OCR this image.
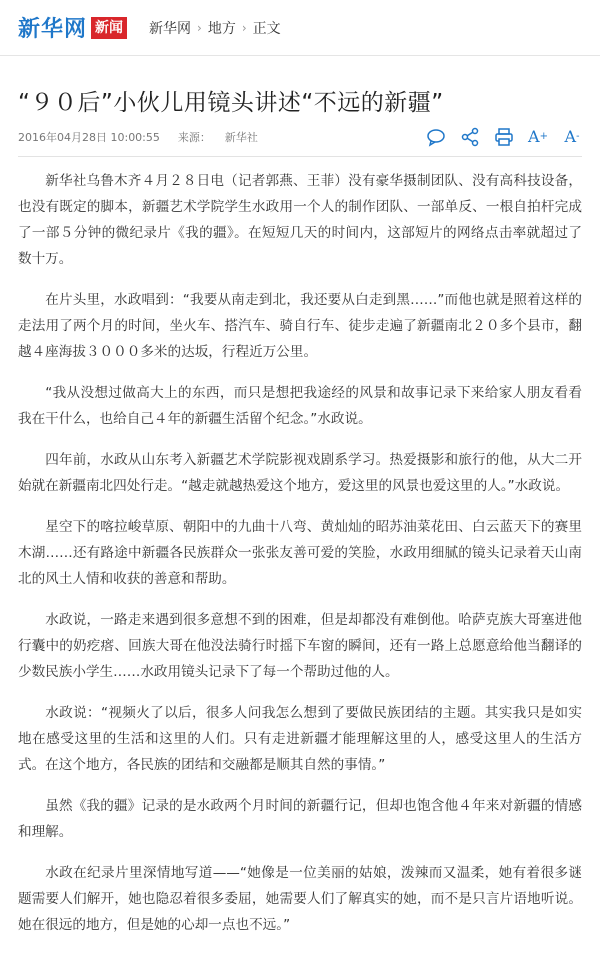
新华网 新闻 新华网 › 地方 › 正文
“９０后”小伙儿用镜头讲述“不远的新疆”
2016年04月28日 10:00:55 来源： 新华社	A + A -

新华社乌鲁木齐４月２８日电（记者郭燕、王菲）没有豪华摄制团队、没有高科技设备，也没有既定的脚本，新疆艺术学院学生水政用一个人的制作团队、一部单反、一根自拍杆完成了一部５分钟的微纪录片《我的疆》。在短短几天的时间内，这部短片的网络点击率就超过了数十万。

在片头里，水政唱到：“我要从南走到北，我还要从白走到黑……”而他也就是照着这样的走法用了两个月的时间，坐火车、搭汽车、骑自行车、徒步走遍了新疆南北２０多个县市，翻越４座海拔３０００多米的达坂，行程近万公里。

“我从没想过做高大上的东西，而只是想把我途经的风景和故事记录下来给家人朋友看看我在干什么，也给自己４年的新疆生活留个纪念。”水政说。

四年前，水政从山东考入新疆艺术学院影视戏剧系学习。热爱摄影和旅行的他，从大二开始就在新疆南北四处行走。“越走就越热爱这个地方，爱这里的风景也爱这里的人。”水政说。

星空下的喀拉峻草原、朝阳中的九曲十八弯、黄灿灿的昭苏油菜花田、白云蓝天下的赛里木湖……还有路途中新疆各民族群众一张张友善可爱的笑脸，水政用细腻的镜头记录着天山南北的风土人情和收获的善意和帮助。

水政说，一路走来遇到很多意想不到的困难，但是却都没有难倒他。哈萨克族大哥塞进他行囊中的奶疙瘩、回族大哥在他没法骑行时摇下车窗的瞬间，还有一路上总愿意给他当翻译的少数民族小学生……水政用镜头记录下了每一个帮助过他的人。

水政说：“视频火了以后，很多人问我怎么想到了要做民族团结的主题。其实我只是如实地在感受这里的生活和这里的人们。只有走进新疆才能理解这里的人，感受这里人的生活方式。在这个地方，各民族的团结和交融都是顺其自然的事情。”

虽然《我的疆》记录的是水政两个月时间的新疆行记，但却也饱含他４年来对新疆的情感和理解。

水政在纪录片里深情地写道——“她像是一位美丽的姑娘，泼辣而又温柔，她有着很多谜题需要人们解开，她也隐忍着很多委屈，她需要人们了解真实的她，而不是只言片语地听说。她在很远的地方，但是她的心却一点也不远。”
